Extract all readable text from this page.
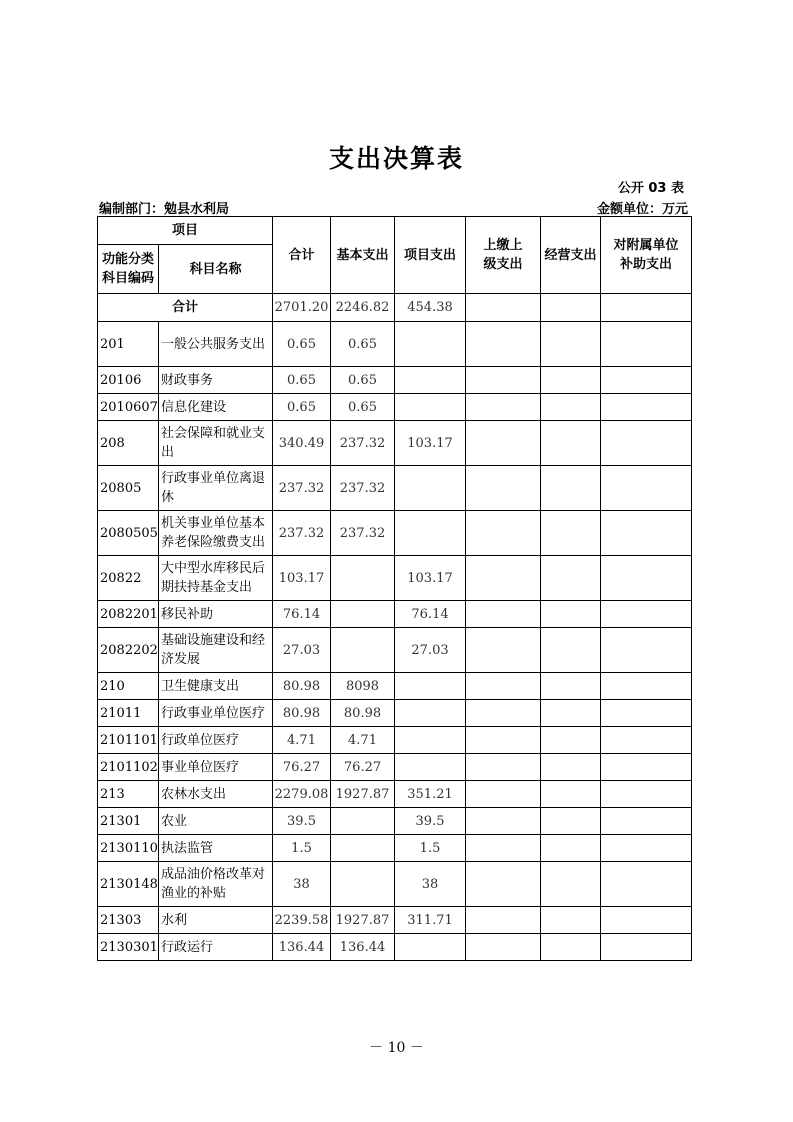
支出决算表
公开 03 表
编制部门：勉县水利局	金额单位：万元
项目		合计	基本支出	项目支出	上缴上级支出	经营支出	对附属单位补助支出
功能分类科目编码	科目名称						
合计		2701.20	2246.82	454.38			
201	一般公共服务支出	0.65	0.65				
20106	财政事务	0.65	0.65				
2010607	信息化建设	0.65	0.65				
208	社会保障和就业支出	340.49	237.32	103.17			
20805	行政事业单位离退休	237.32	237.32				
2080505	机关事业单位基本养老保险缴费支出	237.32	237.32				
20822	大中型水库移民后期扶持基金支出	103.17		103.17			
2082201	移民补助	76.14		76.14			
2082202	基础设施建设和经济发展	27.03		27.03			
210	卫生健康支出	80.98	8098				
21011	行政事业单位医疗	80.98	80.98				
2101101	行政单位医疗	4.71	4.71				
2101102	事业单位医疗	76.27	76.27				
213	农林水支出	2279.08	1927.87	351.21			
21301	农业	39.5		39.5			
2130110	执法监管	1.5		1.5			
2130148	成品油价格改革对渔业的补贴	38		38			
21303	水利	2239.58	1927.87	311.71			
2130301	行政运行	136.44	136.44				
－ 10 －
